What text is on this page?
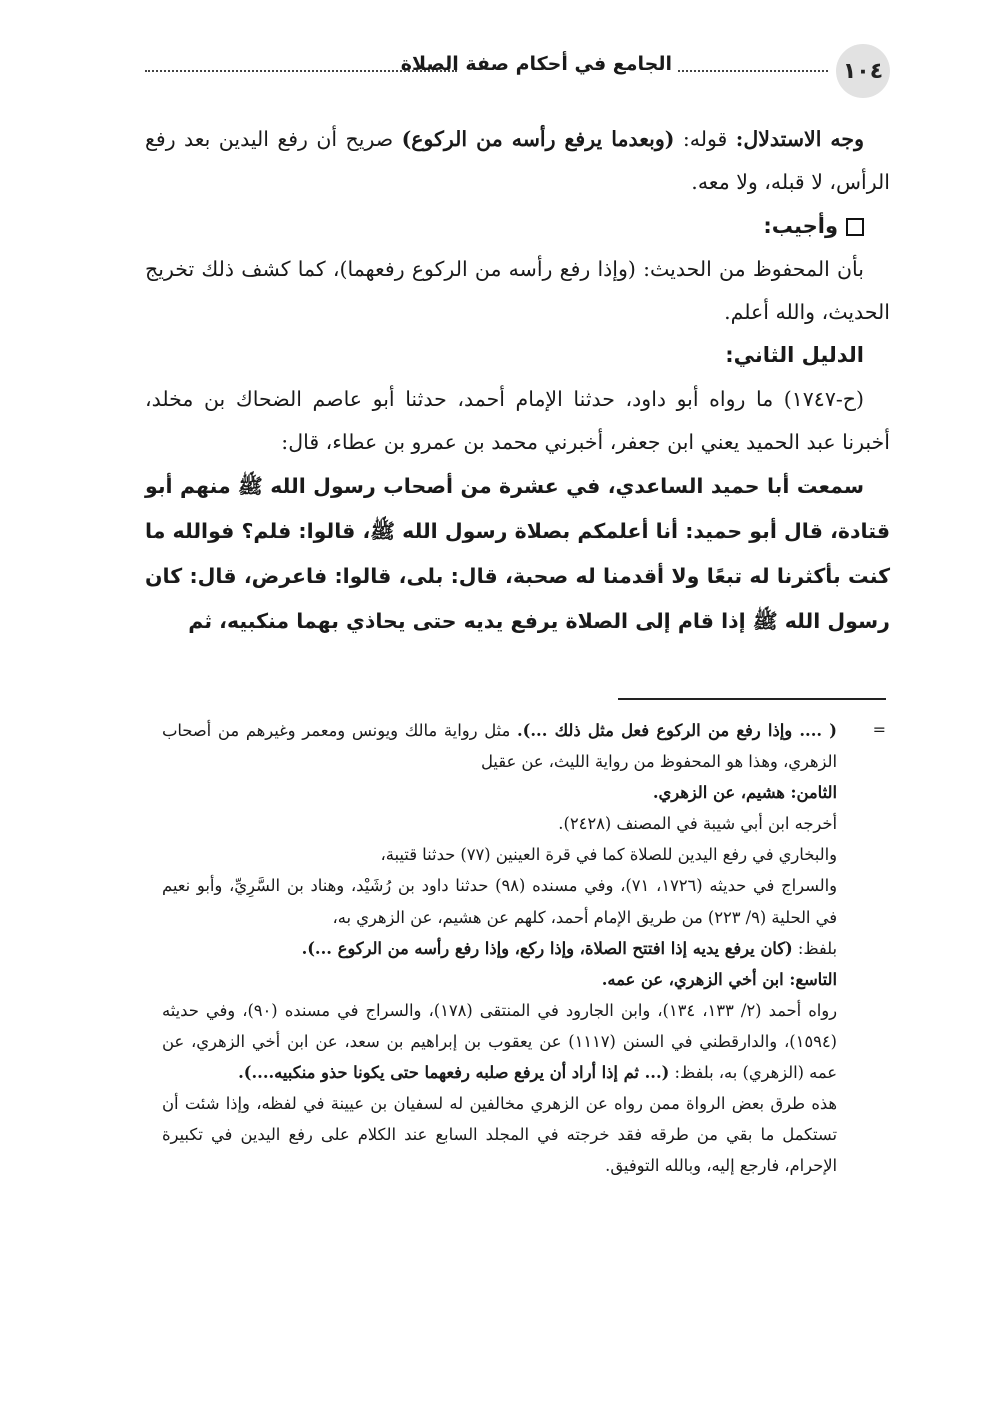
١٠٤
الجامع في أحكام صفة الصلاة

وجه الاستدلال: قوله: (وبعدما يرفع رأسه من الركوع) صريح أن رفع اليدين بعد رفع الرأس، لا قبله، ولا معه.

وأجيب:

بأن المحفوظ من الحديث: (وإذا رفع رأسه من الركوع رفعهما)، كما كشف ذلك تخريج الحديث، والله أعلم.

الدليل الثاني:

(ح-١٧٤٧) ما رواه أبو داود، حدثنا الإمام أحمد، حدثنا أبو عاصم الضحاك بن مخلد، أخبرنا عبد الحميد يعني ابن جعفر، أخبرني محمد بن عمرو بن عطاء، قال:

سمعت أبا حميد الساعدي، في عشرة من أصحاب رسول الله ﷺ منهم أبو قتادة، قال أبو حميد: أنا أعلمكم بصلاة رسول الله ﷺ، قالوا: فلم؟ فوالله ما كنت بأكثرنا له تبعًا ولا أقدمنا له صحبة، قال: بلى، قالوا: فاعرض، قال: كان رسول الله ﷺ إذا قام إلى الصلاة يرفع يديه حتى يحاذي بهما منكبيه، ثم

=

( .... وإذا رفع من الركوع فعل مثل ذلك ...). مثل رواية مالك ويونس ومعمر وغيرهم من أصحاب الزهري، وهذا هو المحفوظ من رواية الليث، عن عقيل

الثامن: هشيم، عن الزهري.

أخرجه ابن أبي شيبة في المصنف (٢٤٢٨).

والبخاري في رفع اليدين للصلاة كما في قرة العينين (٧٧) حدثنا قتيبة،

والسراج في حديثه (١٧٢٦، ٧١)، وفي مسنده (٩٨) حدثنا داود بن رُشَيْد، وهناد بن السَّرِيِّ، وأبو نعيم في الحلية (٩/ ٢٢٣) من طريق الإمام أحمد، كلهم عن هشيم، عن الزهري به،

بلفظ: (كان يرفع يديه إذا افتتح الصلاة، وإذا ركع، وإذا رفع رأسه من الركوع ...).

التاسع: ابن أخي الزهري، عن عمه.

رواه أحمد (٢/ ١٣٣، ١٣٤)، وابن الجارود في المنتقى (١٧٨)، والسراج في مسنده (٩٠)، وفي حديثه (١٥٩٤)، والدارقطني في السنن (١١١٧) عن يعقوب بن إبراهيم بن سعد، عن ابن أخي الزهري، عن عمه (الزهري) به، بلفظ: (... ثم إذا أراد أن يرفع صلبه رفعهما حتى يكونا حذو منكبيه....).

هذه طرق بعض الرواة ممن رواه عن الزهري مخالفين له لسفيان بن عيينة في لفظه، وإذا شئت أن تستكمل ما بقي من طرقه فقد خرجته في المجلد السابع عند الكلام على رفع اليدين في تكبيرة الإحرام، فارجع إليه، وبالله التوفيق.
